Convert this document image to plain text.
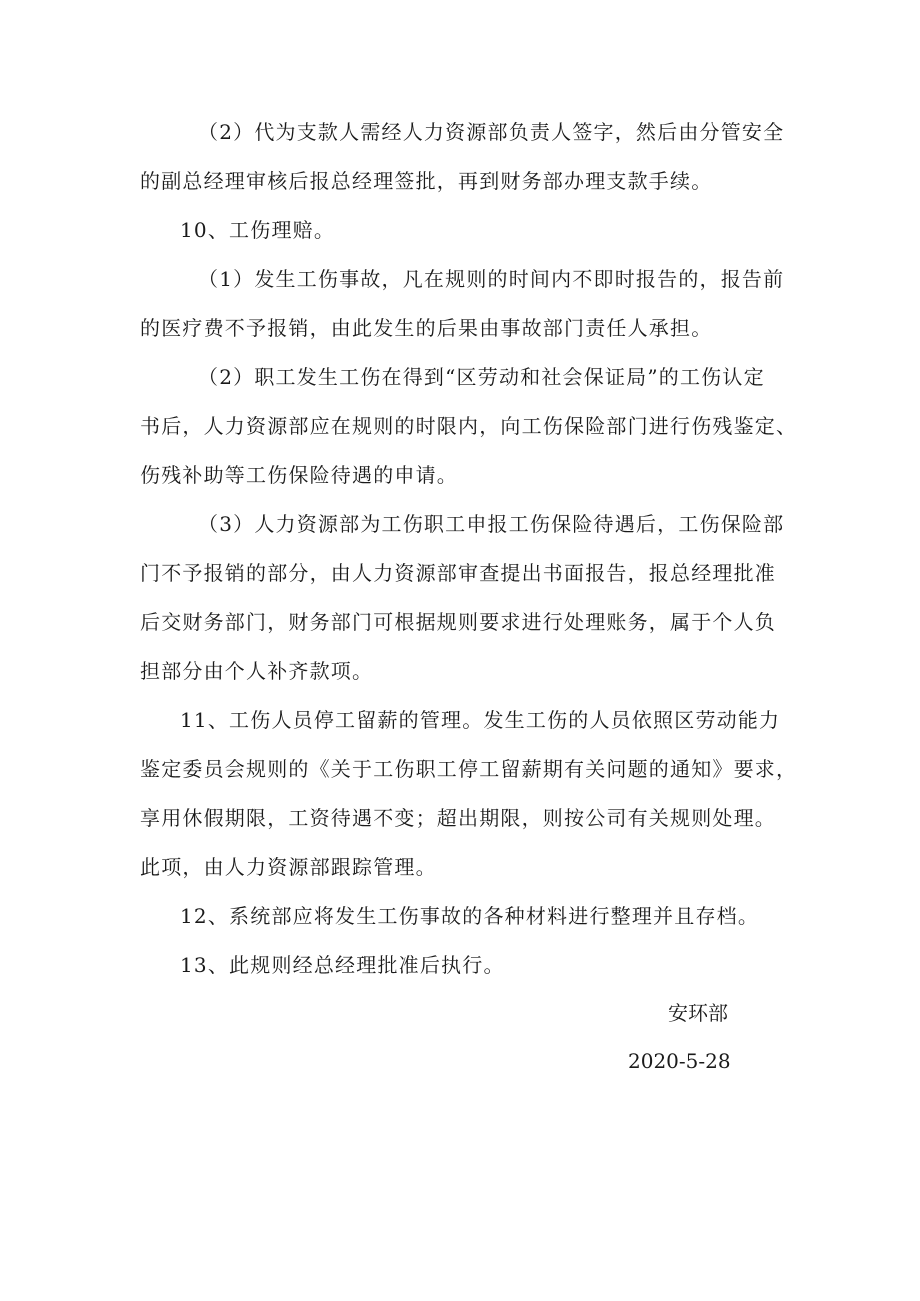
（2）代为支款人需经人力资源部负责人签字，然后由分管安全
的副总经理审核后报总经理签批，再到财务部办理支款手续。
10、工伤理赔。
（1）发生工伤事故，凡在规则的时间内不即时报告的，报告前
的医疗费不予报销，由此发生的后果由事故部门责任人承担。
（2）职工发生工伤在得到“区劳动和社会保证局”的工伤认定
书后，人力资源部应在规则的时限内，向工伤保险部门进行伤残鉴定、
伤残补助等工伤保险待遇的申请。
（3）人力资源部为工伤职工申报工伤保险待遇后，工伤保险部
门不予报销的部分，由人力资源部审查提出书面报告，报总经理批准
后交财务部门，财务部门可根据规则要求进行处理账务，属于个人负
担部分由个人补齐款项。
11、工伤人员停工留薪的管理。发生工伤的人员依照区劳动能力
鉴定委员会规则的《关于工伤职工停工留薪期有关问题的通知》要求，
享用休假期限，工资待遇不变；超出期限，则按公司有关规则处理。
此项，由人力资源部跟踪管理。
12、系统部应将发生工伤事故的各种材料进行整理并且存档。
13、此规则经总经理批准后执行。
安环部
2020-5-28
